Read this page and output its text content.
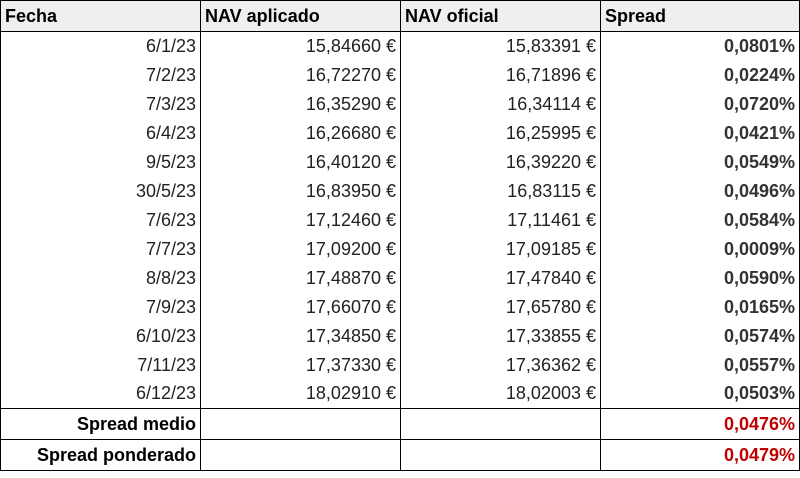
Fecha	NAV aplicado	NAV oficial	Spread
6/1/23	15,84660 €	15,83391 €	0,0801%
7/2/23	16,72270 €	16,71896 €	0,0224%
7/3/23	16,35290 €	16,34114 €	0,0720%
6/4/23	16,26680 €	16,25995 €	0,0421%
9/5/23	16,40120 €	16,39220 €	0,0549%
30/5/23	16,83950 €	16,83115 €	0,0496%
7/6/23	17,12460 €	17,11461 €	0,0584%
7/7/23	17,09200 €	17,09185 €	0,0009%
8/8/23	17,48870 €	17,47840 €	0,0590%
7/9/23	17,66070 €	17,65780 €	0,0165%
6/10/23	17,34850 €	17,33855 €	0,0574%
7/11/23	17,37330 €	17,36362 €	0,0557%
6/12/23	18,02910 €	18,02003 €	0,0503%
Spread medio			0,0476%
Spread ponderado			0,0479%
